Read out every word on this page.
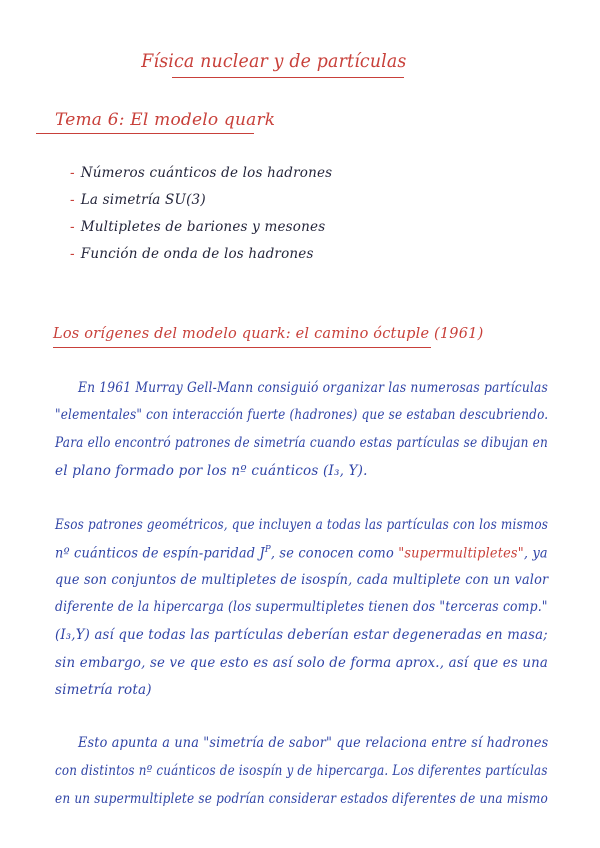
Física nuclear y de partículas
Tema 6: El modelo quark
- Números cuánticos de los hadrones
- La simetría SU(3)
- Multipletes de bariones y mesones
- Función de onda de los hadrones
Los orígenes del modelo quark: el camino óctuple (1961)
En 1961 Murray Gell-Mann consiguió organizar las numerosas partículas
"elementales" con interacción fuerte (hadrones) que se estaban descubriendo.
Para ello encontró patrones de simetría cuando estas partículas se dibujan en
el plano formado por los nº cuánticos (I₃, Y).
Esos patrones geométricos, que incluyen a todas las partículas con los mismos
nº cuánticos de espín-paridad $J^P$, se conocen como "supermultipletes", ya
que son conjuntos de multipletes de isospín, cada multiplete con un valor
diferente de la hipercarga (los supermultipletes tienen dos "terceras comp."
(I₃,Y) así que todas las partículas deberían estar degeneradas en masa;
sin embargo, se ve que esto es así solo de forma aprox., así que es una
simetría rota)
Esto apunta a una "simetría de sabor" que relaciona entre sí hadrones
con distintos nº cuánticos de isospín y de hipercarga. Los diferentes partículas
en un supermultiplete se podrían considerar estados diferentes de una mismo
